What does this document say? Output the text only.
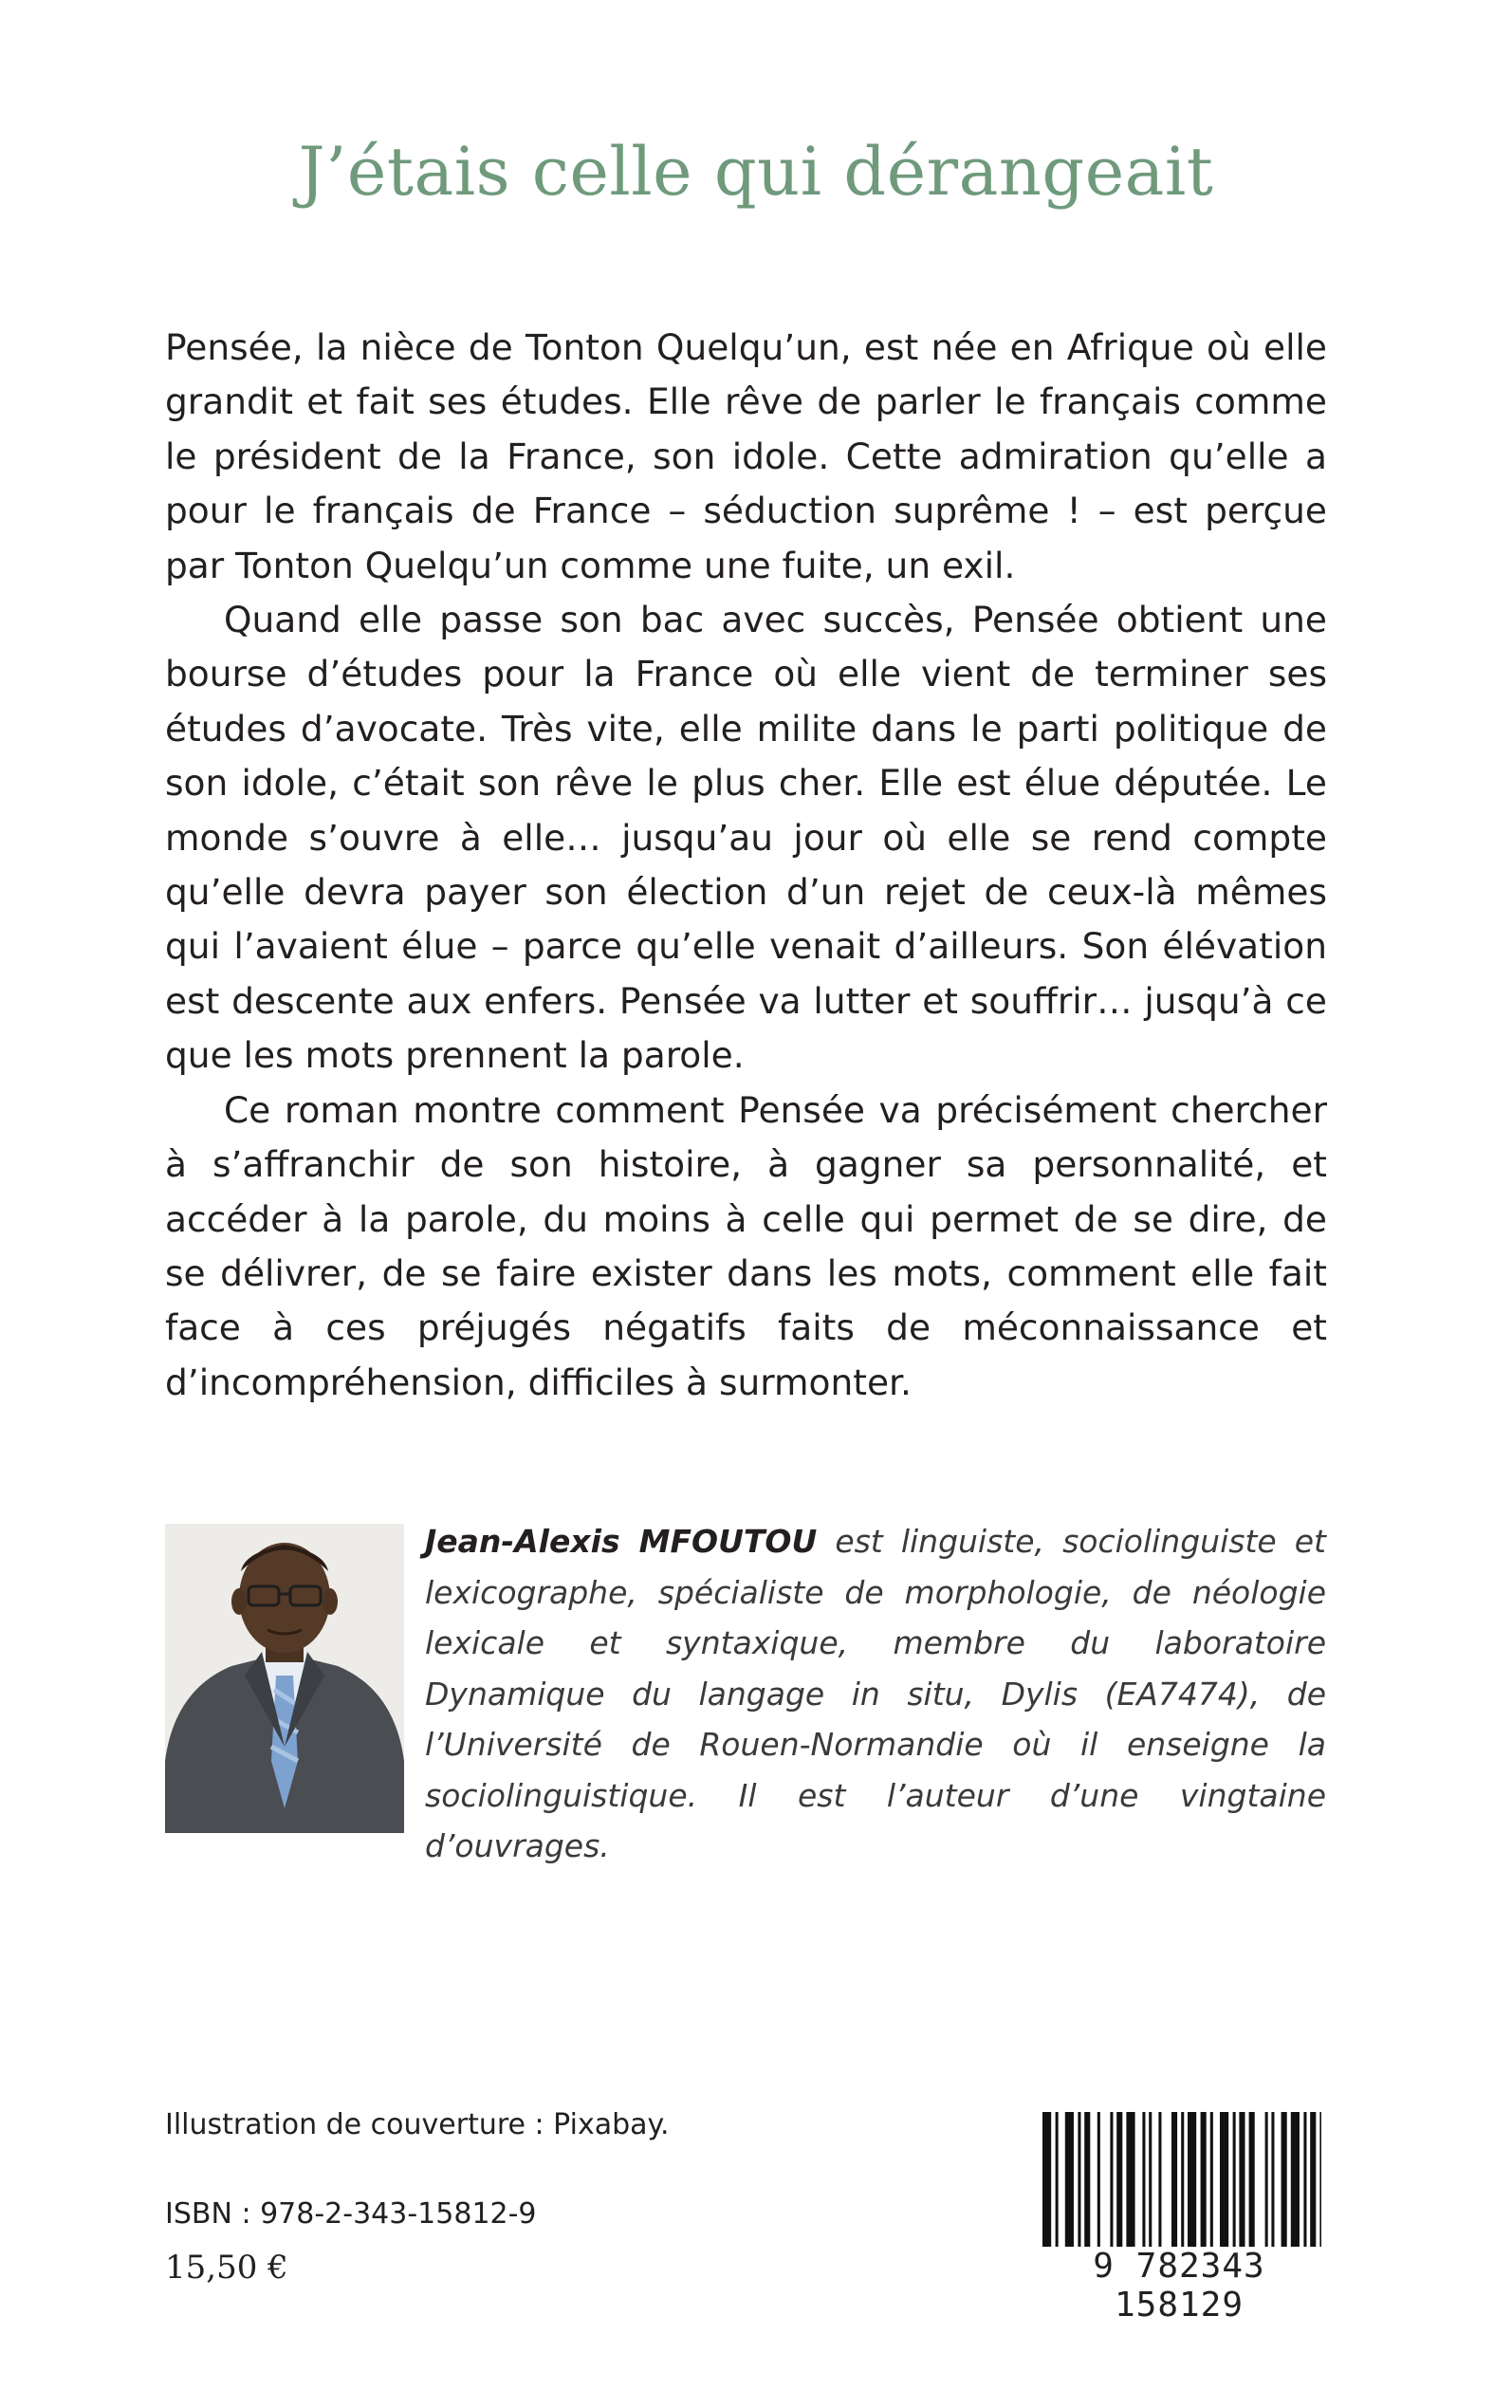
J’étais celle qui dérangeait

Pensée, la nièce de Tonton Quelqu’un, est née en Afrique où elle grandit et fait ses études. Elle rêve de parler le français comme le président de la France, son idole. Cette admiration qu’elle a pour le français de France – séduction suprême ! – est perçue par Tonton Quelqu’un comme une fuite, un exil.

Quand elle passe son bac avec succès, Pensée obtient une bourse d’études pour la France où elle vient de terminer ses études d’avocate. Très vite, elle milite dans le parti politique de son idole, c’était son rêve le plus cher. Elle est élue députée. Le monde s’ouvre à elle… jusqu’au jour où elle se rend compte qu’elle devra payer son élection d’un rejet de ceux-là mêmes qui l’avaient élue – parce qu’elle venait d’ailleurs. Son élévation est descente aux enfers. Pensée va lutter et souffrir… jusqu’à ce que les mots prennent la parole.

Ce roman montre comment Pensée va précisément chercher à s’affranchir de son histoire, à gagner sa personnalité, et accéder à la parole, du moins à celle qui permet de se dire, de se délivrer, de se faire exister dans les mots, comment elle fait face à ces préjugés négatifs faits de méconnaissance et d’incompréhension, difficiles à surmonter.

Jean-Alexis MFOUTOU est linguiste, sociolinguiste et lexicographe, spécialiste de morphologie, de néologie lexicale et syntaxique, membre du laboratoire Dynamique du langage in situ, Dylis (EA7474), de l’Université de Rouen-Normandie où il enseigne la sociolinguistique. Il est l’auteur d’une vingtaine d’ouvrages.
Illustration de couverture : Pixabay.
ISBN : 978-2-343-15812-9
15,50 €	9 782343 158129
